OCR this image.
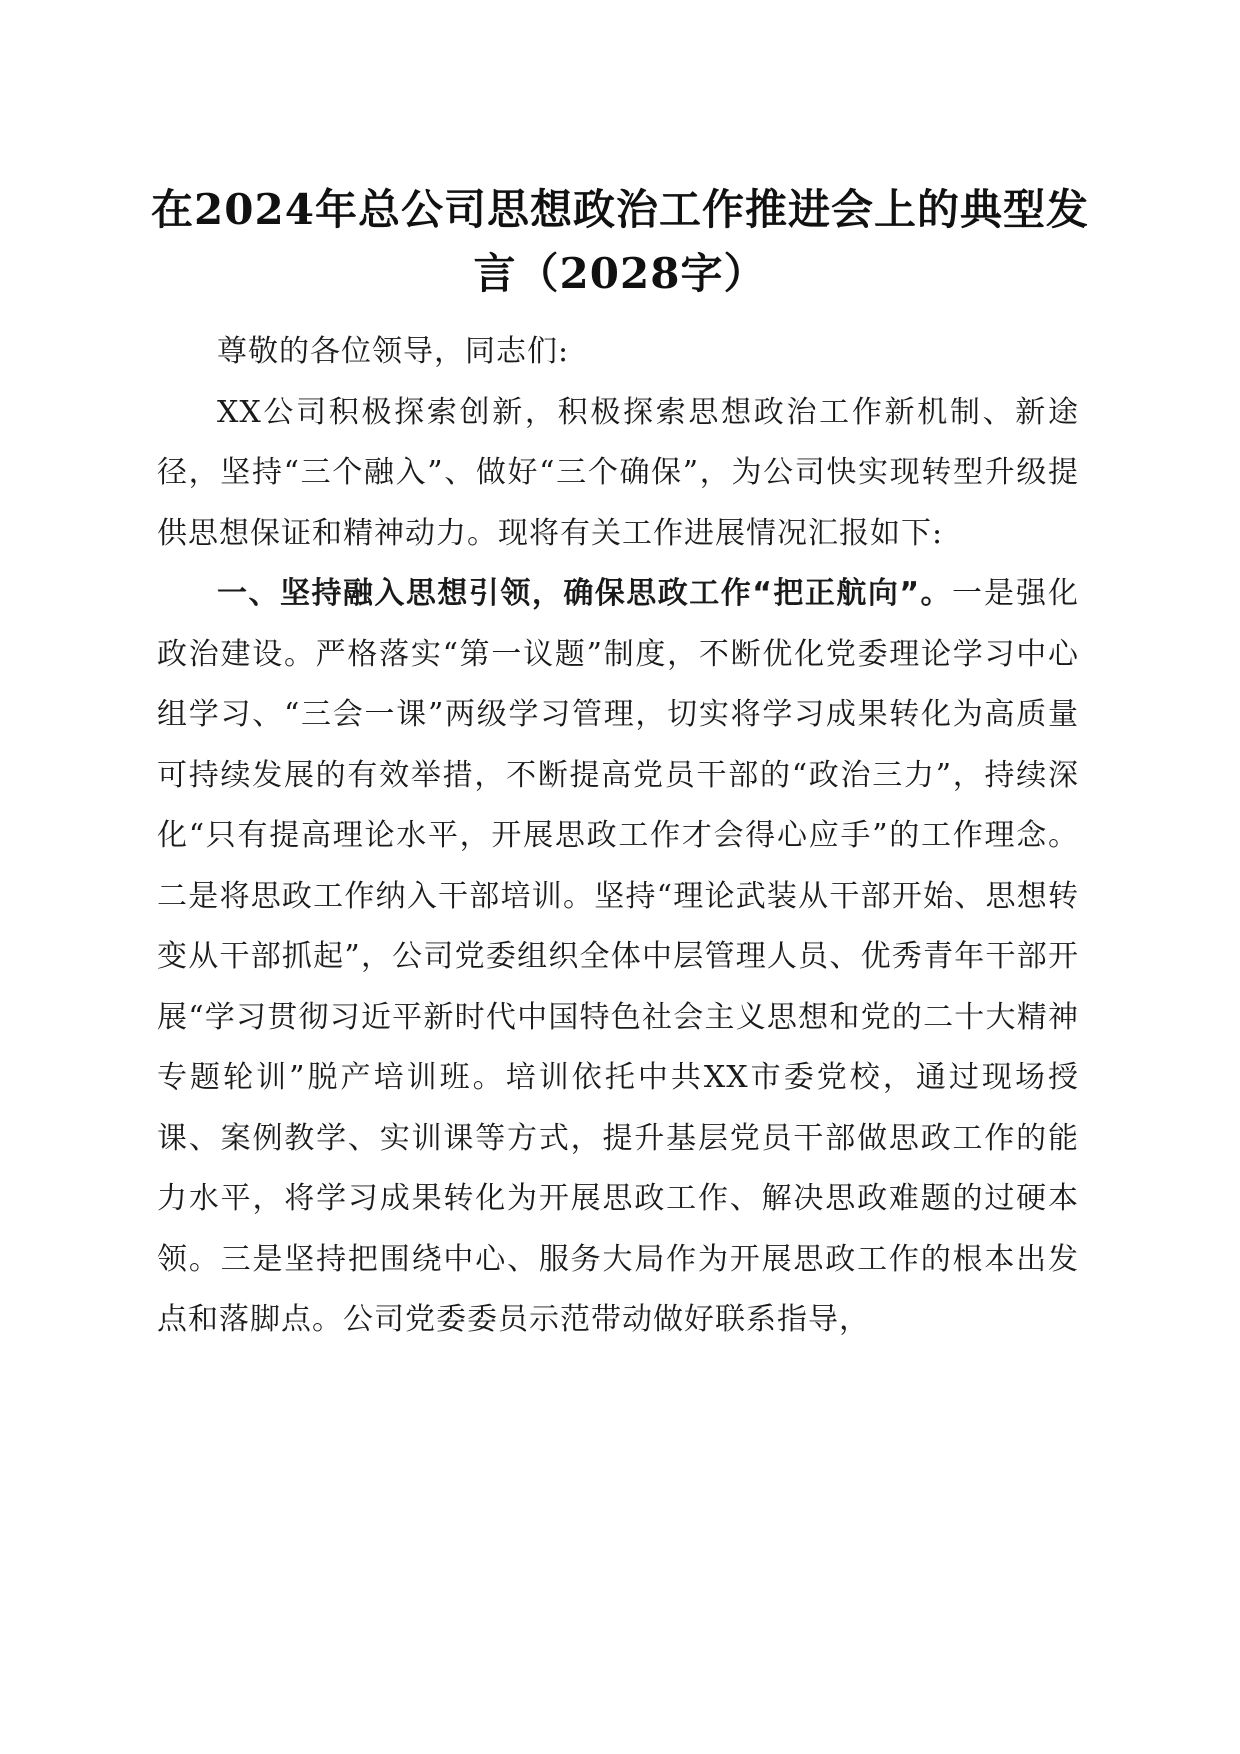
在2024年总公司思想政治工作推进会上的典型发言（2028字）

尊敬的各位领导，同志们:

XX公司积极探索创新，积极探索思想政治工作新机制、新途径，坚持“三个融入”、做好“三个确保”，为公司快实现转型升级提供思想保证和精神动力。现将有关工作进展情况汇报如下:

一、坚持融入思想引领，确保思政工作“把正航向”。一是强化政治建设。严格落实“第一议题”制度，不断优化党委理论学习中心组学习、“三会一课”两级学习管理，切实将学习成果转化为高质量可持续发展的有效举措，不断提高党员干部的“政治三力”，持续深化“只有提高理论水平，开展思政工作才会得心应手”的工作理念。二是将思政工作纳入干部培训。坚持“理论武装从干部开始、思想转变从干部抓起”，公司党委组织全体中层管理人员、优秀青年干部开展“学习贯彻习近平新时代中国特色社会主义思想和党的二十大精神专题轮训”脱产培训班。培训依托中共XX市委党校，通过现场授课、案例教学、实训课等方式，提升基层党员干部做思政工作的能力水平，将学习成果转化为开展思政工作、解决思政难题的过硬本领。三是坚持把围绕中心、服务大局作为开展思政工作的根本出发点和落脚点。公司党委委员示范带动做好联系指导，
